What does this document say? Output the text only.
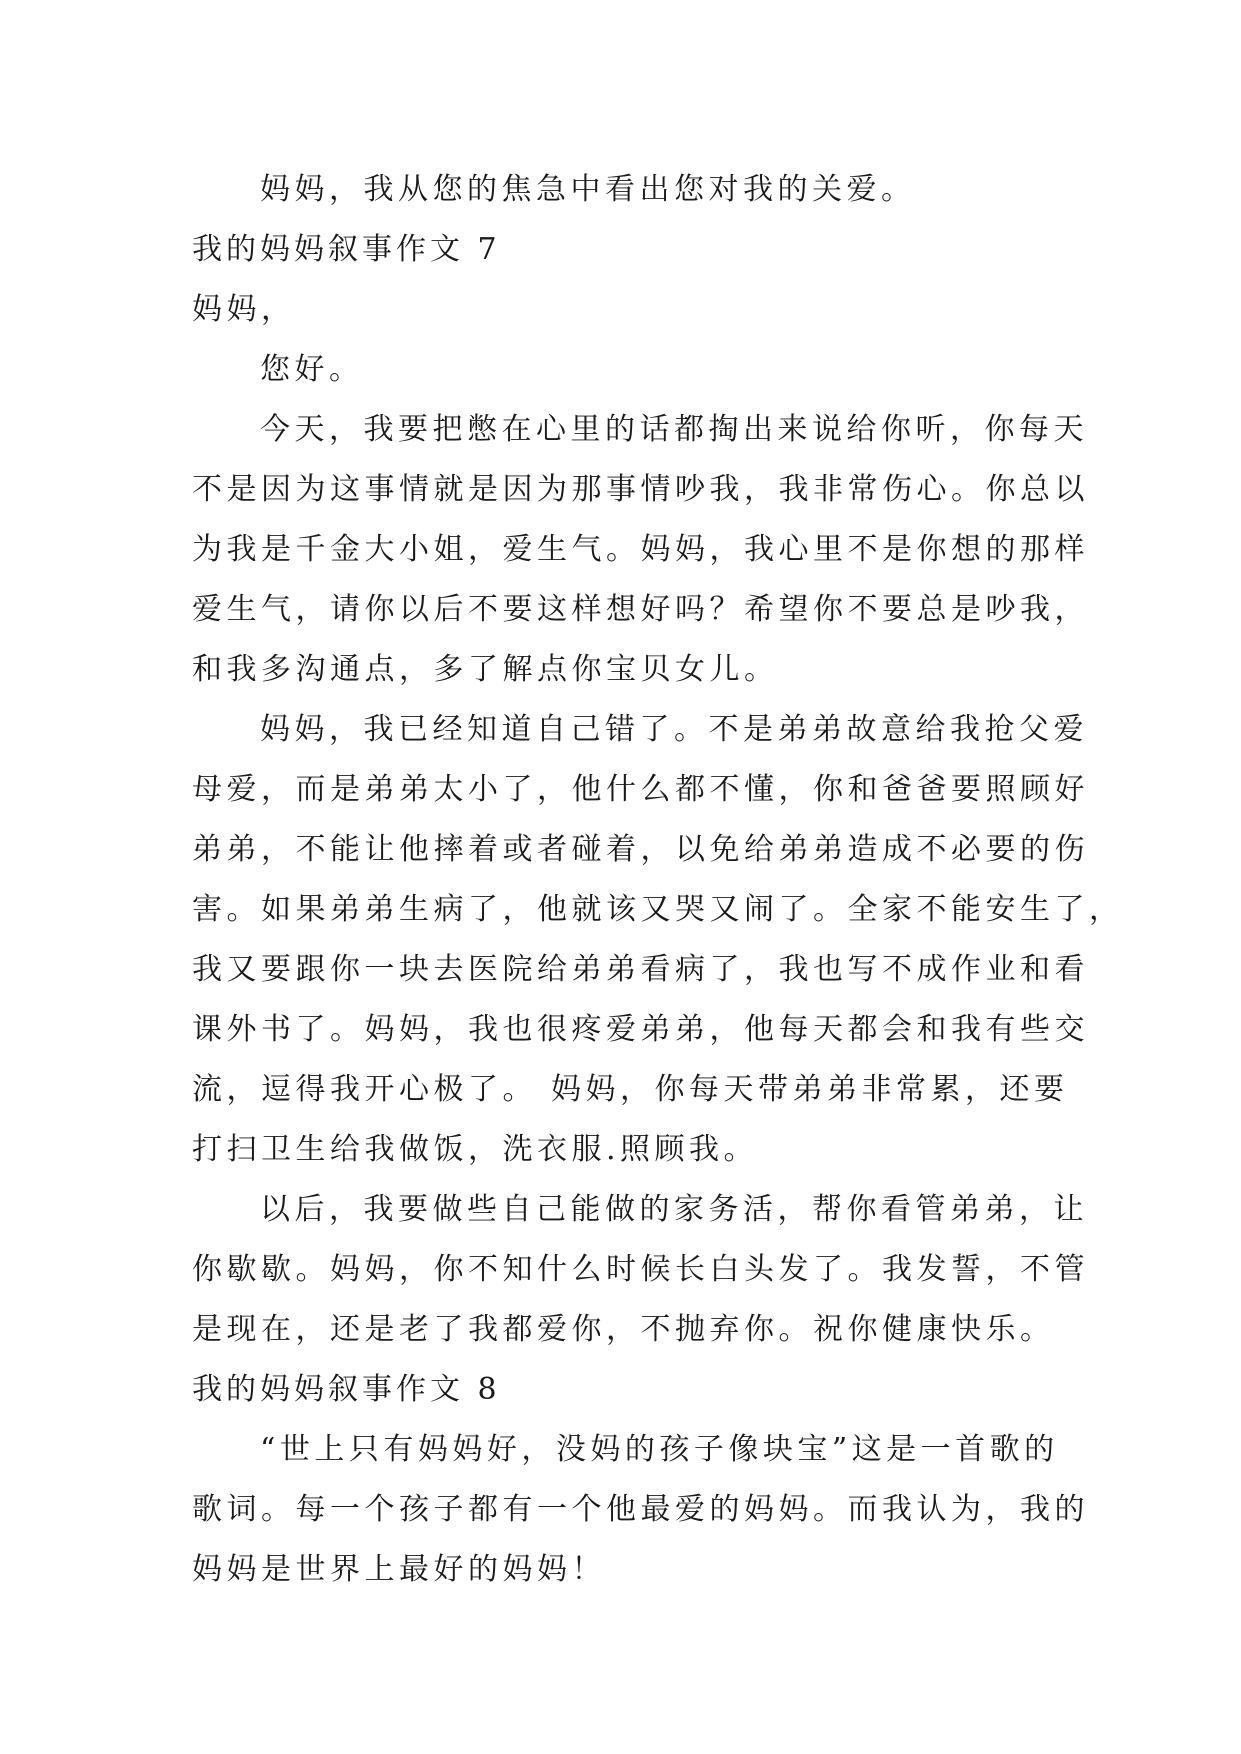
妈妈，我从您的焦急中看出您对我的关爱。
我的妈妈叙事作文 7
妈妈，
您好。
今天，我要把憋在心里的话都掏出来说给你听，你每天
不是因为这事情就是因为那事情吵我，我非常伤心。你总以
为我是千金大小姐，爱生气。妈妈，我心里不是你想的那样
爱生气，请你以后不要这样想好吗？希望你不要总是吵我，
和我多沟通点，多了解点你宝贝女儿。
妈妈，我已经知道自己错了。不是弟弟故意给我抢父爱
母爱，而是弟弟太小了，他什么都不懂，你和爸爸要照顾好
弟弟，不能让他摔着或者碰着，以免给弟弟造成不必要的伤
害。如果弟弟生病了，他就该又哭又闹了。全家不能安生了，
我又要跟你一块去医院给弟弟看病了，我也写不成作业和看
课外书了。妈妈，我也很疼爱弟弟，他每天都会和我有些交
流，逗得我开心极了。 妈妈，你每天带弟弟非常累，还要
打扫卫生给我做饭，洗衣服.照顾我。
以后，我要做些自己能做的家务活，帮你看管弟弟，让
你歇歇。妈妈，你不知什么时候长白头发了。我发誓，不管
是现在，还是老了我都爱你，不抛弃你。祝你健康快乐。
我的妈妈叙事作文 8
“世上只有妈妈好，没妈的孩子像块宝”这是一首歌的
歌词。每一个孩子都有一个他最爱的妈妈。而我认为，我的
妈妈是世界上最好的妈妈！
